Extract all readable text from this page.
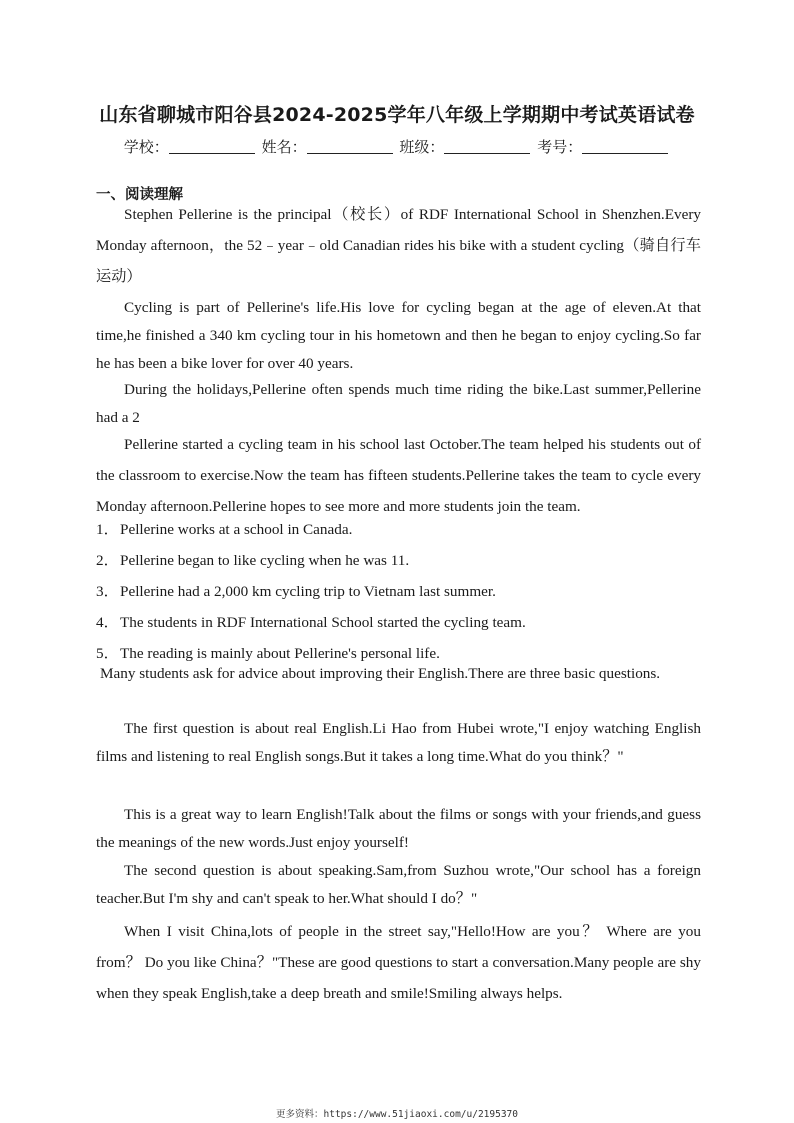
山东省聊城市阳谷县2024-2025学年八年级上学期期中考试英语试卷
学校：	姓名：	班级：	考号：
一、阅读理解

Stephen Pellerine is the principal（校长）of RDF International School in Shenzhen.Every Monday afternoon，the 52﹣year﹣old Canadian rides his bike with a student cycling（骑自行车运动）

Cycling is part of Pellerine's life.His love for cycling began at the age of eleven.At that time,he finished a 340 km cycling tour in his hometown and then he began to enjoy cycling.So far he has been a bike lover for over 40 years.

During the holidays,Pellerine often spends much time riding the bike.Last summer,Pellerine had a 2

Pellerine started a cycling team in his school last October.The team helped his students out of the classroom to exercise.Now the team has fifteen students.Pellerine takes the team to cycle every Monday afternoon.Pellerine hopes to see more and more students join the team.

1．Pellerine works at a school in Canada.
2．Pellerine began to like cycling when he was 11.
3．Pellerine had a 2,000 km cycling trip to Vietnam last summer.
4．The students in RDF International School started the cycling team.
5．The reading is mainly about Pellerine's personal life.

Many students ask for advice about improving their English.There are three basic questions.

The first question is about real English.Li Hao from Hubei wrote,"I enjoy watching English films and listening to real English songs.But it takes a long time.What do you think？"

This is a great way to learn English!Talk about the films or songs with your friends,and guess the meanings of the new words.Just enjoy yourself!

The second question is about speaking.Sam,from Suzhou wrote,"Our school has a foreign teacher.But I'm shy and can't speak to her.What should I do？"

When I visit China,lots of people in the street say,"Hello!How are you？ Where are you from？ Do you like China？"These are good questions to start a conversation.Many people are shy when they speak English,take a deep breath and smile!Smiling always helps.

更多资料：https://www.51jiaoxi.com/u/2195370
